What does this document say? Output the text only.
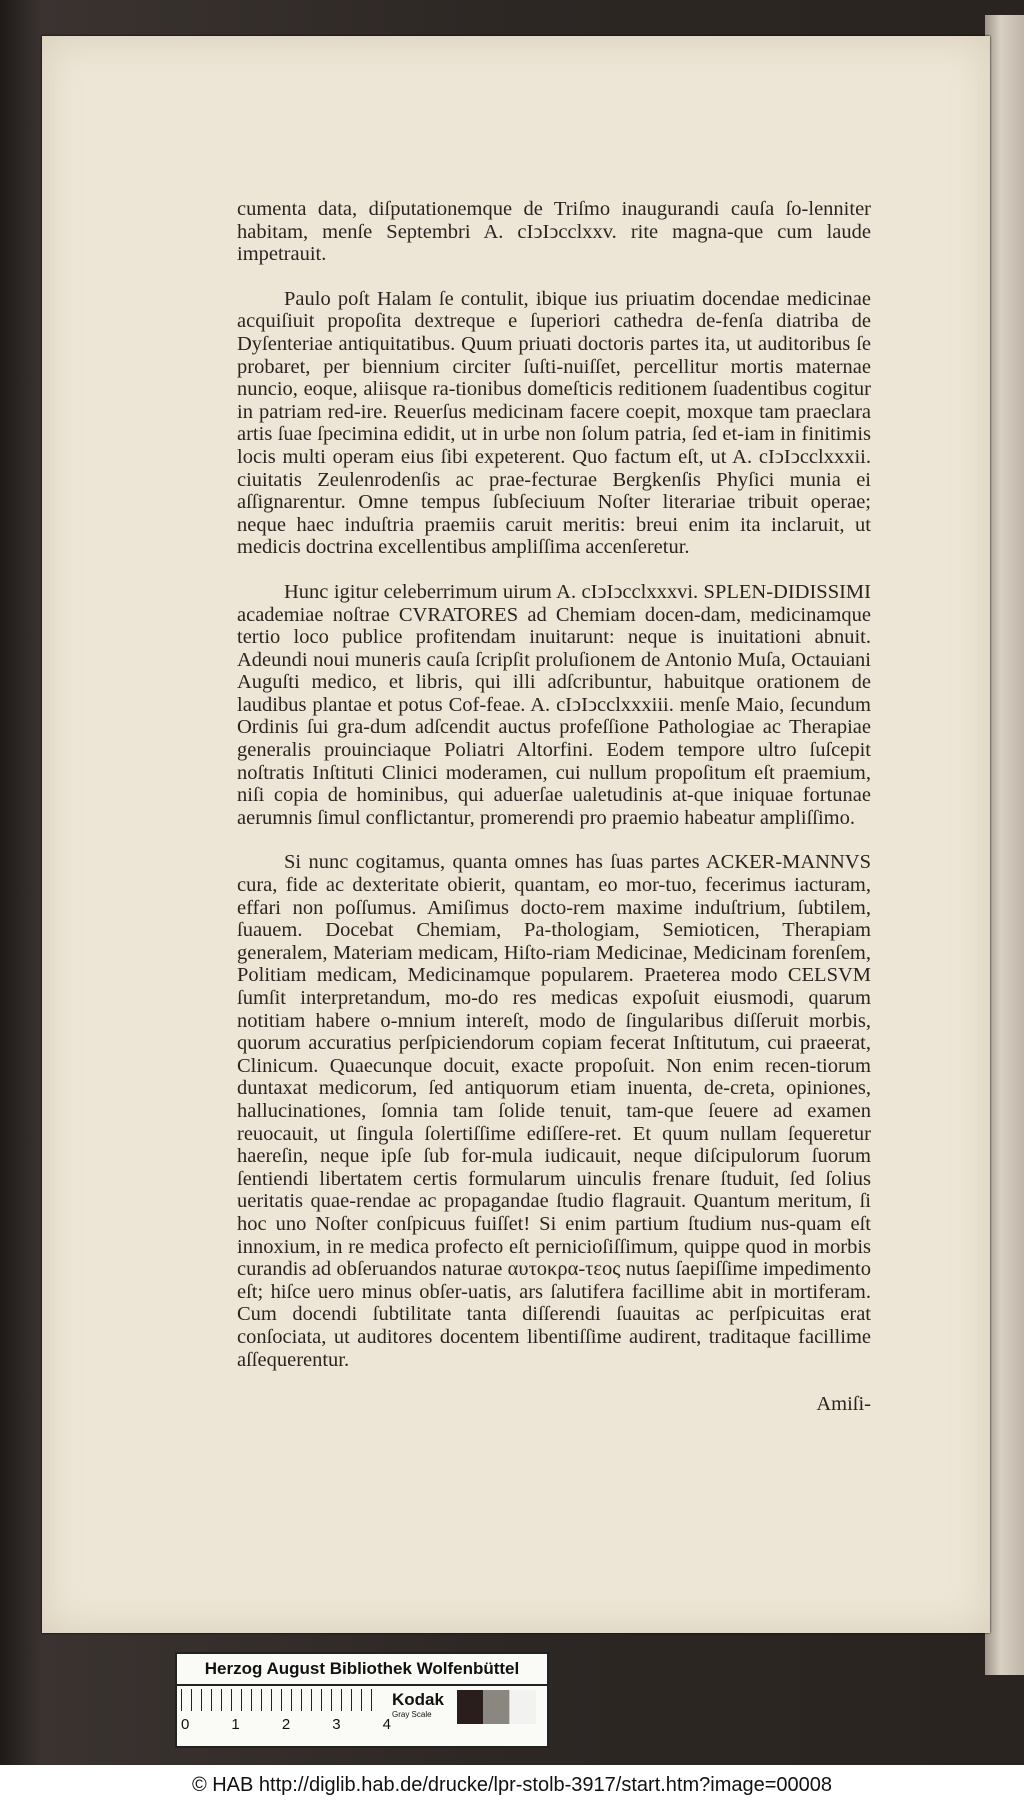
cumenta data, diſputationemque de Triſmo inaugurandi cauſa ſo-lenniter habitam, menſe Septembri A. cIↄIↄcclxxv. rite magna-que cum laude impetrauit.

Paulo poſt Halam ſe contulit, ibique ius priuatim docendae medicinae acquiſiuit propoſita dextreque e ſuperiori cathedra de-fenſa diatriba de Dyſenteriae antiquitatibus. Quum priuati doctoris partes ita, ut auditoribus ſe probaret, per biennium circiter ſuſti-nuiſſet, percellitur mortis maternae nuncio, eoque, aliisque ra-tionibus domeſticis reditionem ſuadentibus cogitur in patriam red-ire. Reuerſus medicinam facere coepit, moxque tam praeclara artis ſuae ſpecimina edidit, ut in urbe non ſolum patria, ſed et-iam in finitimis locis multi operam eius ſibi expeterent. Quo factum eſt, ut A. cIↄIↄcclxxxii. ciuitatis Zeulenrodenſis ac prae-fecturae Bergkenſis Phyſici munia ei aſſignarentur. Omne tempus ſubſeciuum Noſter literariae tribuit operae; neque haec induſtria praemiis caruit meritis: breui enim ita inclaruit, ut medicis doctrina excellentibus ampliſſima accenſeretur.

Hunc igitur celeberrimum uirum A. cIↄIↄcclxxxvi. SPLEN-DIDISSIMI academiae noſtrae CVRATORES ad Chemiam docen-dam, medicinamque tertio loco publice profitendam inuitarunt: neque is inuitationi abnuit. Adeundi noui muneris cauſa ſcripſit proluſionem de Antonio Muſa, Octauiani Auguſti medico, et libris, qui illi adſcribuntur, habuitque orationem de laudibus plantae et potus Cof-feae. A. cIↄIↄcclxxxiii. menſe Maio, ſecundum Ordinis ſui gra-dum adſcendit auctus profeſſione Pathologiae ac Therapiae generalis prouinciaque Poliatri Altorfini. Eodem tempore ultro ſuſcepit noſtratis Inſtituti Clinici moderamen, cui nullum propoſitum eſt praemium, niſi copia de hominibus, qui aduerſae ualetudinis at-que iniquae fortunae aerumnis ſimul conflictantur, promerendi pro praemio habeatur ampliſſimo.

Si nunc cogitamus, quanta omnes has ſuas partes ACKER-MANNVS cura, fide ac dexteritate obierit, quantam, eo mor-tuo, fecerimus iacturam, effari non poſſumus. Amiſimus docto-rem maxime induſtrium, ſubtilem, ſuauem. Docebat Chemiam, Pa-thologiam, Semioticen, Therapiam generalem, Materiam medicam, Hiſto-riam Medicinae, Medicinam forenſem, Politiam medicam, Medicinamque popularem. Praeterea modo CELSVM ſumſit interpretandum, mo-do res medicas expoſuit eiusmodi, quarum notitiam habere o-mnium intereſt, modo de ſingularibus diſſeruit morbis, quorum accuratius perſpiciendorum copiam fecerat Inſtitutum, cui praeerat, Clinicum. Quaecunque docuit, exacte propoſuit. Non enim recen-tiorum duntaxat medicorum, ſed antiquorum etiam inuenta, de-creta, opiniones, hallucinationes, ſomnia tam ſolide tenuit, tam-que ſeuere ad examen reuocauit, ut ſingula ſolertiſſime ediſſere-ret. Et quum nullam ſequeretur haereſin, neque ipſe ſub for-mula iudicauit, neque diſcipulorum ſuorum ſentiendi libertatem certis formularum uinculis frenare ſtuduit, ſed ſolius ueritatis quae-rendae ac propagandae ſtudio flagrauit. Quantum meritum, ſi hoc uno Noſter conſpicuus fuiſſet! Si enim partium ſtudium nus-quam eſt innoxium, in re medica profecto eſt pernicioſiſſimum, quippe quod in morbis curandis ad obſeruandos naturae αυτοκρα-τεος nutus ſaepiſſime impedimento eſt; hiſce uero minus obſer-uatis, ars ſalutifera facillime abit in mortiferam. Cum docendi ſubtilitate tanta diſſerendi ſuauitas ac perſpicuitas erat conſociata, ut auditores docentem libentiſſime audirent, traditaque facillime aſſequerentur.

Amiſi-
Herzog August Bibliothek Wolfenbüttel
0	1	2	3	4
Kodak
Gray Scale
© HAB http://diglib.hab.de/drucke/lpr-stolb-3917/start.htm?image=00008
